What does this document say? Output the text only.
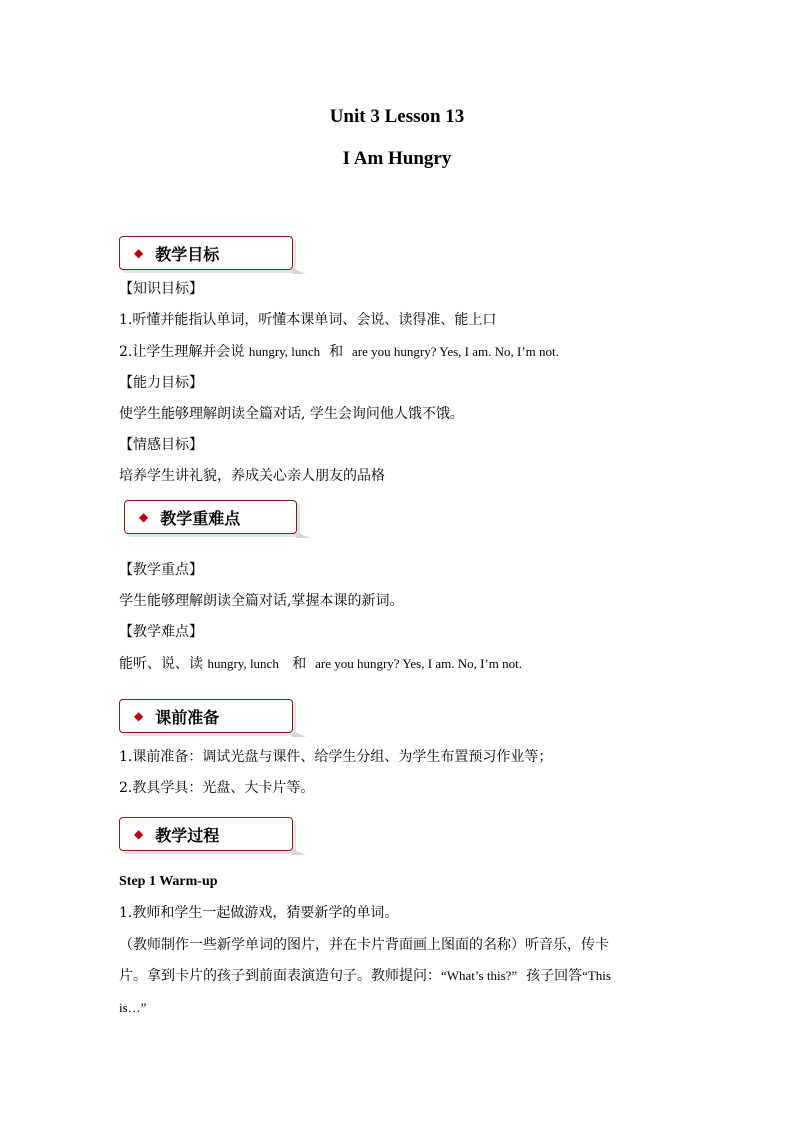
Unit 3 Lesson 13
I Am Hungry
◆ 教学目标
【知识目标】
1.听懂并能指认单词，听懂本课单词、会说、读得准、能上口
2.让学生理解并会说 hungry, lunch 和 are you hungry? Yes, I am. No, I’m not.
【能力目标】
使学生能够理解朗读全篇对话, 学生会询问他人饿不饿。
【情感目标】
培养学生讲礼貌，养成关心亲人朋友的品格
◆ 教学重难点
【教学重点】
学生能够理解朗读全篇对话,掌握本课的新词。
【教学难点】
能听、说、读 hungry, lunch 和 are you hungry? Yes, I am. No, I’m not.
◆ 课前准备
1.课前准备：调试光盘与课件、给学生分组、为学生布置预习作业等；
2.教具学具：光盘、大卡片等。
◆ 教学过程
Step 1 Warm-up
1.教师和学生一起做游戏，猜要新学的单词。
（教师制作一些新学单词的图片，并在卡片背面画上图面的名称）听音乐，传卡
片。拿到卡片的孩子到前面表演造句子。教师提问：“What’s this?” 孩子回答“This
is…”
